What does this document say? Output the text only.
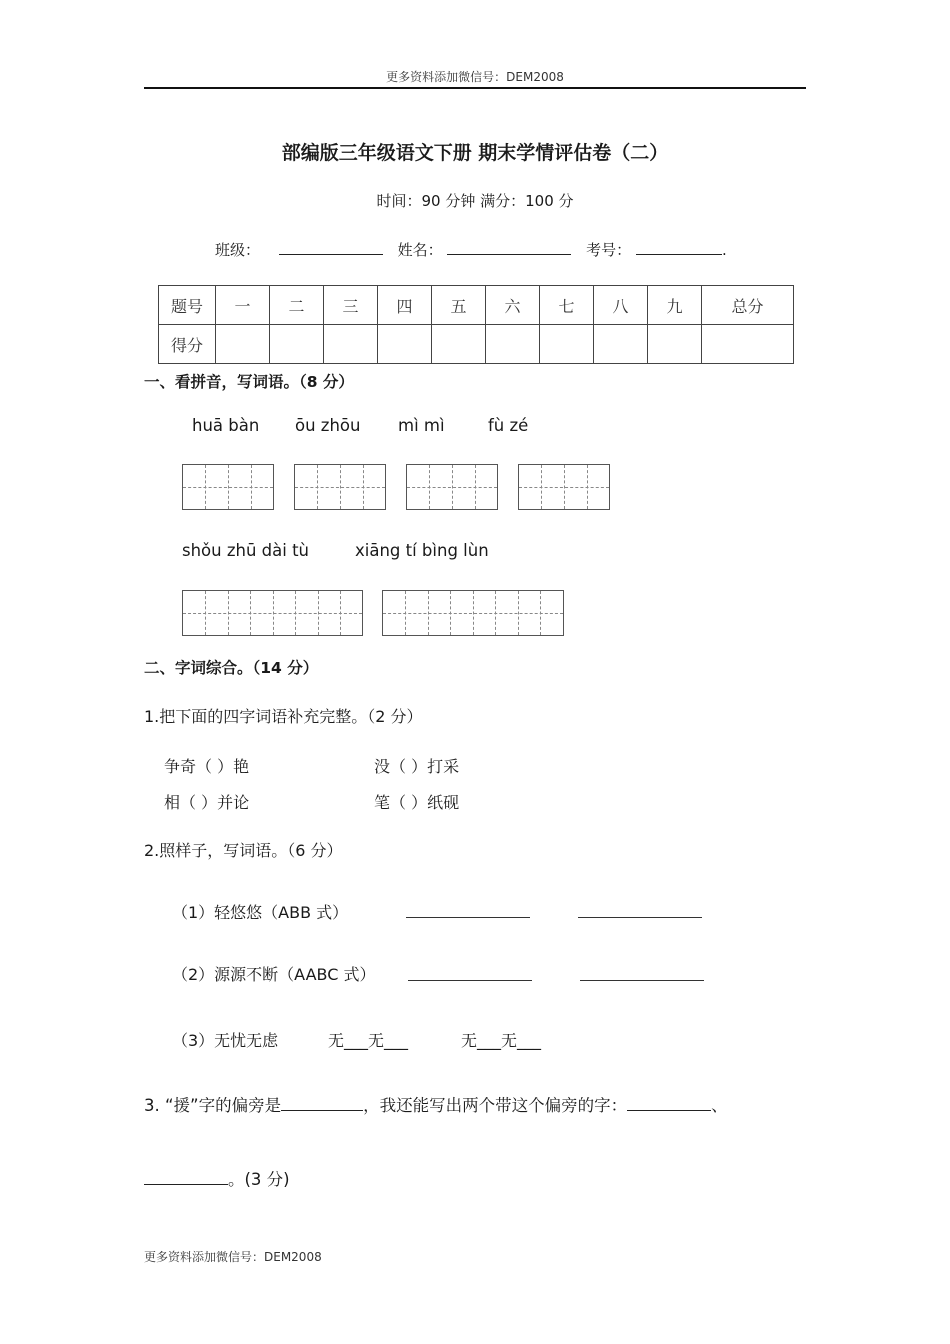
更多资料添加微信号：DEM2008
部编版三年级语文下册 期末学情评估卷（二）
时间：90 分钟 满分：100 分
班级：	姓名：	考号：	.
题号	一	二	三	四	五	六	七	八	九	总分
得分										
一、看拼音，写词语。（8 分）
huā bàn ōu zhōu mì mì	fù zé
shǒu zhū dài tù	xiāng tí bìng lùn
二、字词综合。（14 分）
1.把下面的四字词语补充完整。（2 分）
争奇（ ）艳	没（ ）打采
相（ ）并论	笔（ ）纸砚
2.照样子，写词语。（6 分）
（1）轻悠悠（ABB 式）
（2）源源不断（AABC 式）
（3）无忧无虑	无___无___	无___无___
3. “援”字的偏旁是	，我还能写出两个带这个偏旁的字：	、
。(3 分)
更多资料添加微信号：DEM2008
